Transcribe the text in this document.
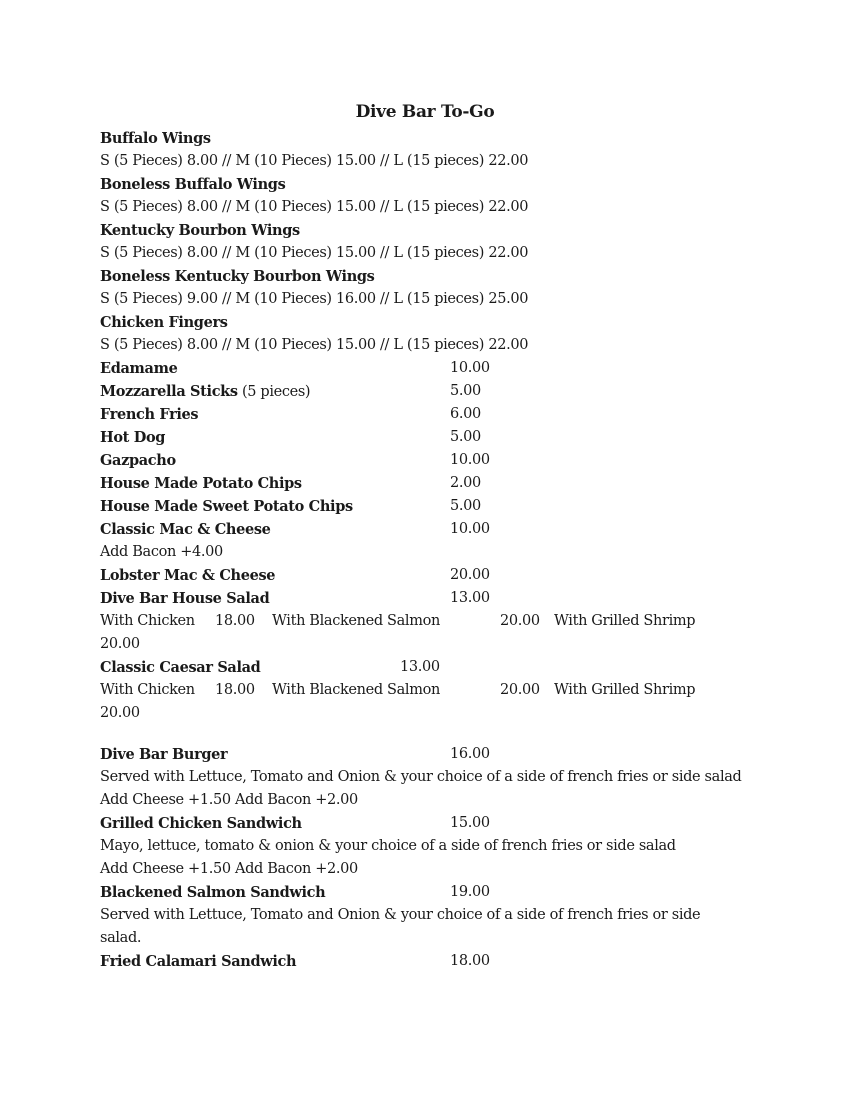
Dive Bar To-Go
Buffalo Wings
S (5 Pieces) 8.00 // M (10 Pieces) 15.00 // L (15 pieces) 22.00
Boneless Buffalo Wings
S (5 Pieces) 8.00 // M (10 Pieces) 15.00 // L (15 pieces) 22.00
Kentucky Bourbon Wings
S (5 Pieces) 8.00 // M (10 Pieces) 15.00 // L (15 pieces) 22.00
Boneless Kentucky Bourbon Wings
S (5 Pieces) 9.00 // M (10 Pieces) 16.00 // L (15 pieces) 25.00
Chicken Fingers
S (5 Pieces) 8.00 // M (10 Pieces) 15.00 // L (15 pieces) 22.00
Edamame	10.00
Mozzarella Sticks (5 pieces)	5.00
French Fries	6.00
Hot Dog	5.00
Gazpacho	10.00
House Made Potato Chips	2.00
House Made Sweet Potato Chips	5.00
Classic Mac & Cheese	10.00
Add Bacon +4.00
Lobster Mac & Cheese	20.00
Dive Bar House Salad	13.00
With Chicken 18.00 With Blackened Salmon	20.00 With Grilled Shrimp
20.00
Classic Caesar Salad	13.00
With Chicken 18.00 With Blackened Salmon	20.00 With Grilled Shrimp
20.00
Dive Bar Burger	16.00
Served with Lettuce, Tomato and Onion & your choice of a side of french fries or side salad
Add Cheese +1.50 Add Bacon +2.00
Grilled Chicken Sandwich	15.00
Mayo, lettuce, tomato & onion & your choice of a side of french fries or side salad
Add Cheese +1.50 Add Bacon +2.00
Blackened Salmon Sandwich	19.00
Served with Lettuce, Tomato and Onion & your choice of a side of french fries or side
salad.
Fried Calamari Sandwich	18.00
